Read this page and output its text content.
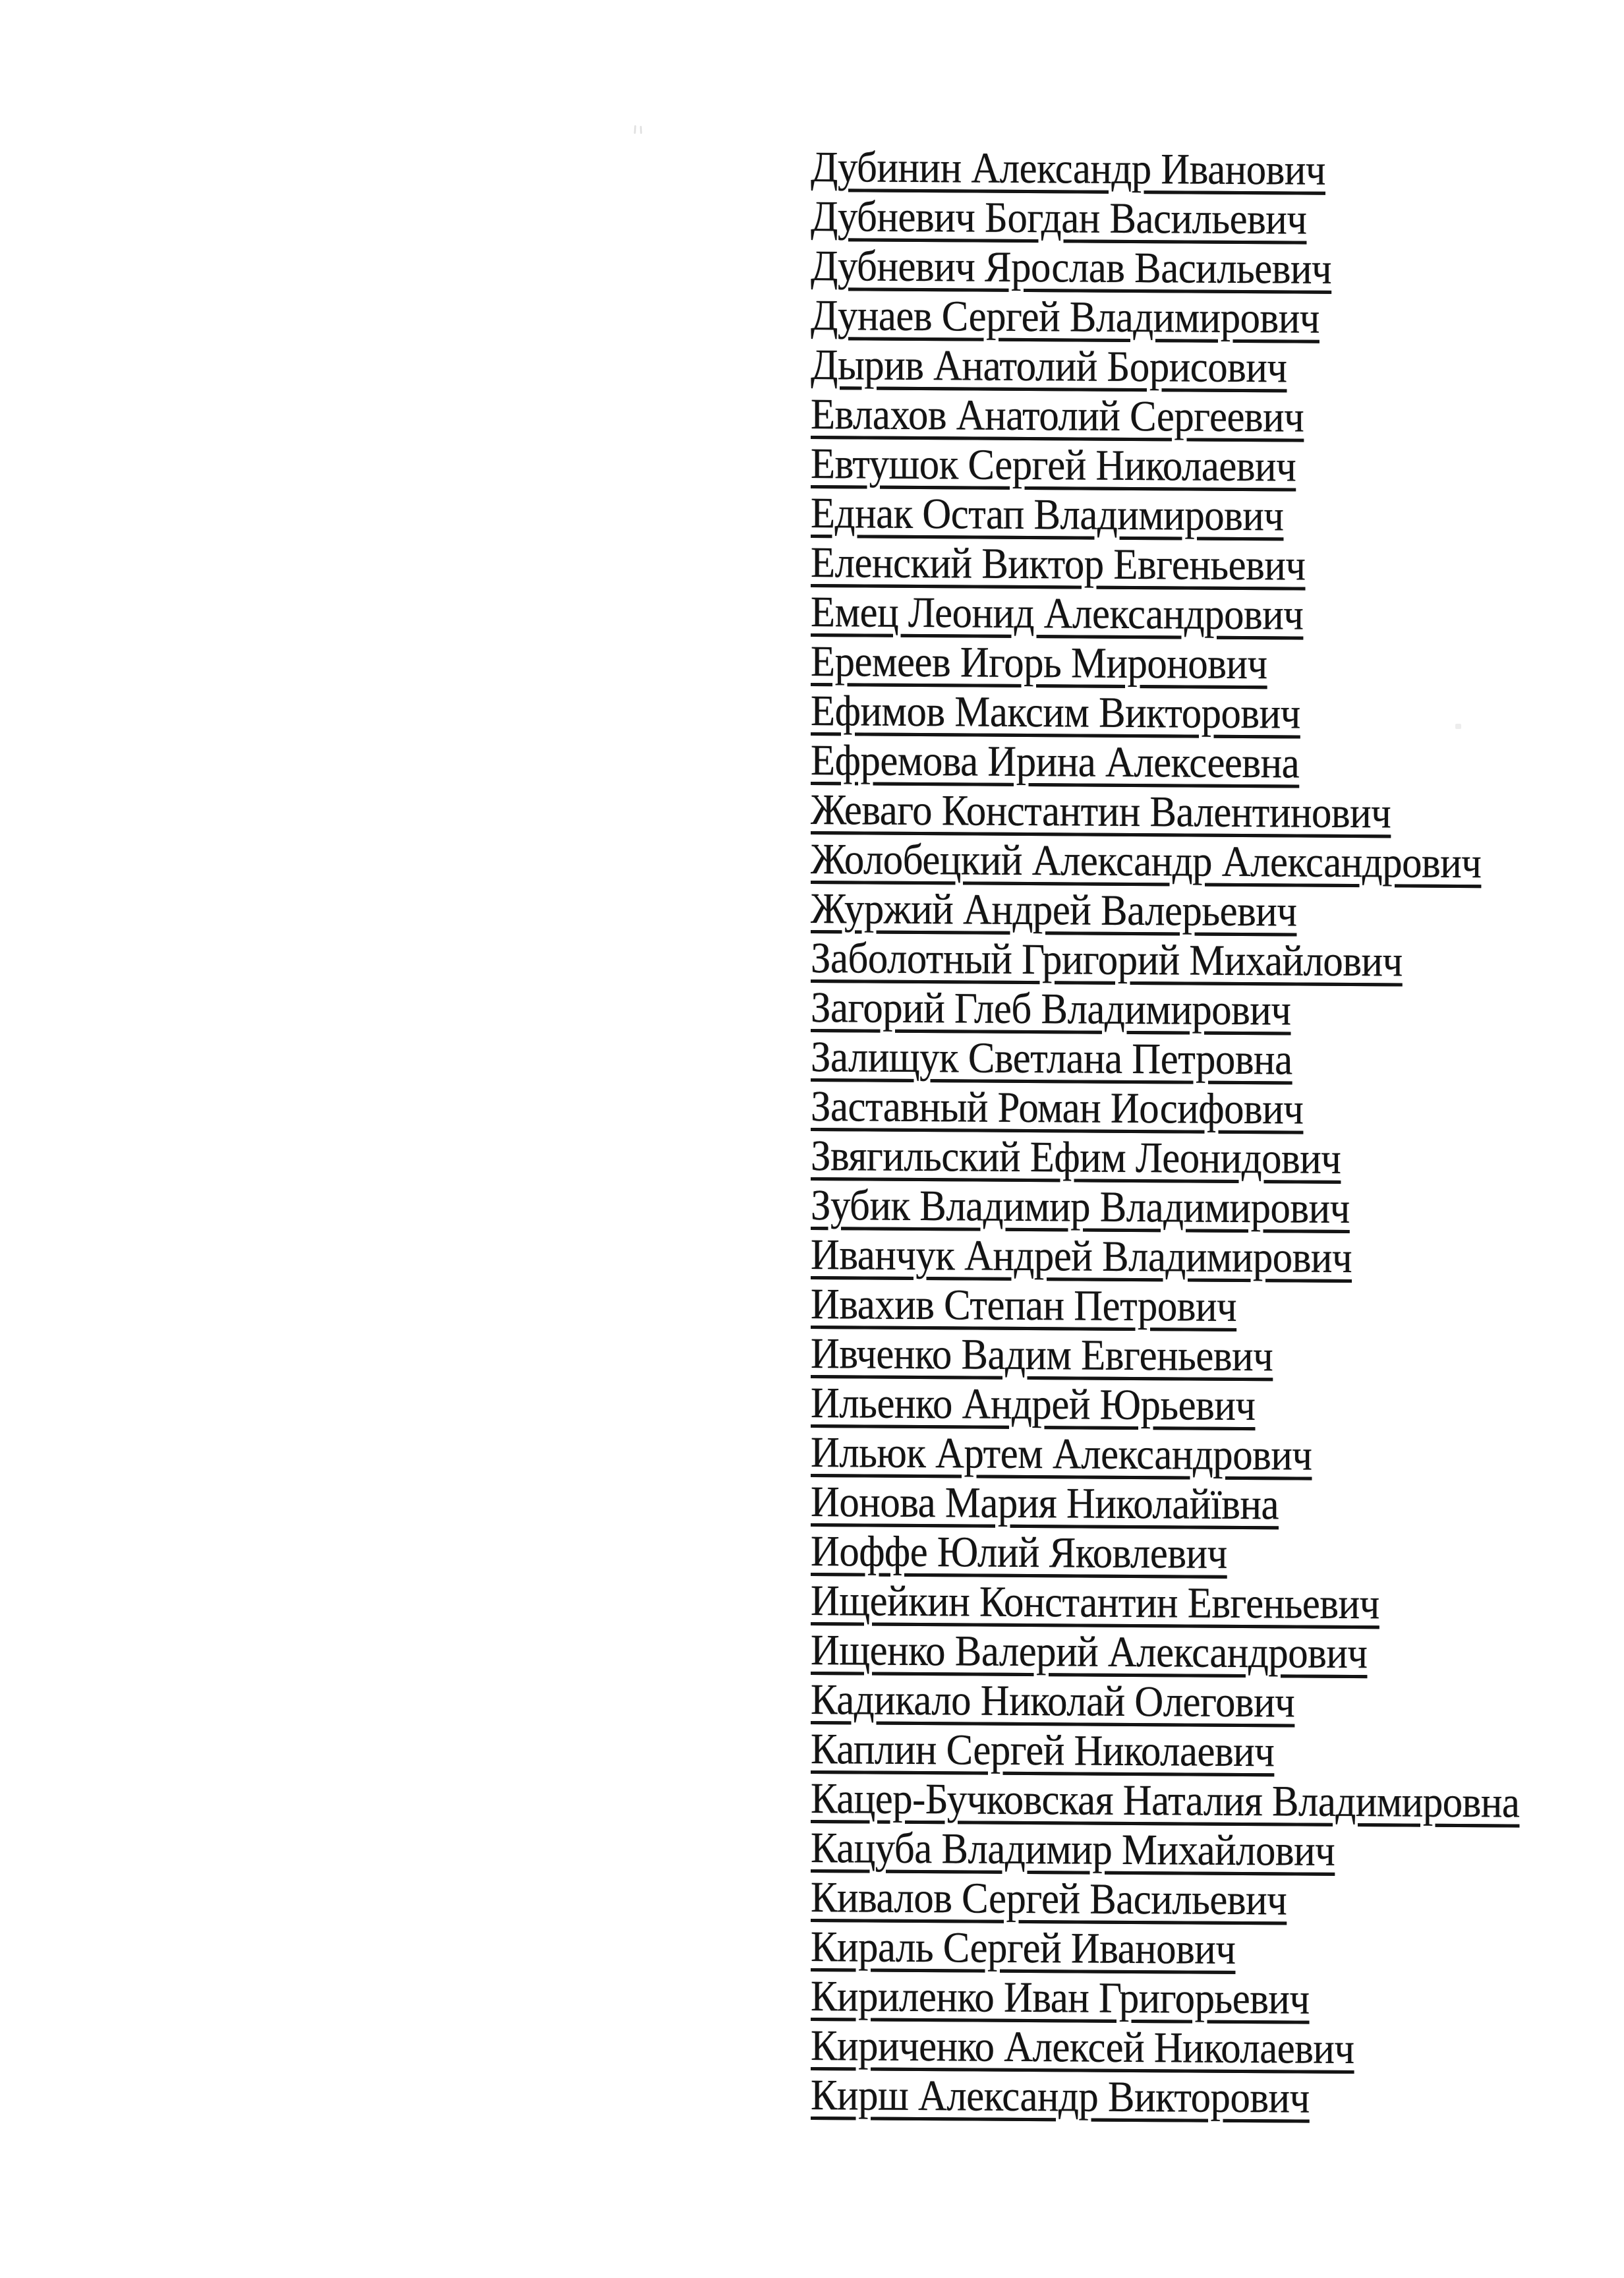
Дубинин Александр Иванович
Дубневич Богдан Васильевич
Дубневич Ярослав Васильевич
Дунаев Сергей Владимирович
Дырив Анатолий Борисович
Евлахов Анатолий Сергеевич
Евтушок Сергей Николаевич
Еднак Остап Владимирович
Еленский Виктор Евгеньевич
Емец Леонид Александрович
Еремеев Игорь Миронович
Ефимов Максим Викторович
Ефремова Ирина Алексеевна
Жеваго Константин Валентинович
Жолобецкий Александр Александрович
Журжий Андрей Валерьевич
Заболотный Григорий Михайлович
Загорий Глеб Владимирович
Залищук Светлана Петровна
Заставный Роман Иосифович
Звягильский Ефим Леонидович
Зубик Владимир Владимирович
Иванчук Андрей Владимирович
Ивахив Степан Петрович
Ивченко Вадим Евгеньевич
Ильенко Андрей Юрьевич
Ильюк Артем Александрович
Ионова Мария Николайївна
Иоффе Юлий Яковлевич
Ищейкин Константин Евгеньевич
Ищенко Валерий Александрович
Кадикало Николай Олегович
Каплин Сергей Николаевич
Кацер-Бучковская Наталия Владимировна
Кацуба Владимир Михайлович
Кивалов Сергей Васильевич
Кираль Сергей Иванович
Кириленко Иван Григорьевич
Кириченко Алексей Николаевич
Кирш Александр Викторович
